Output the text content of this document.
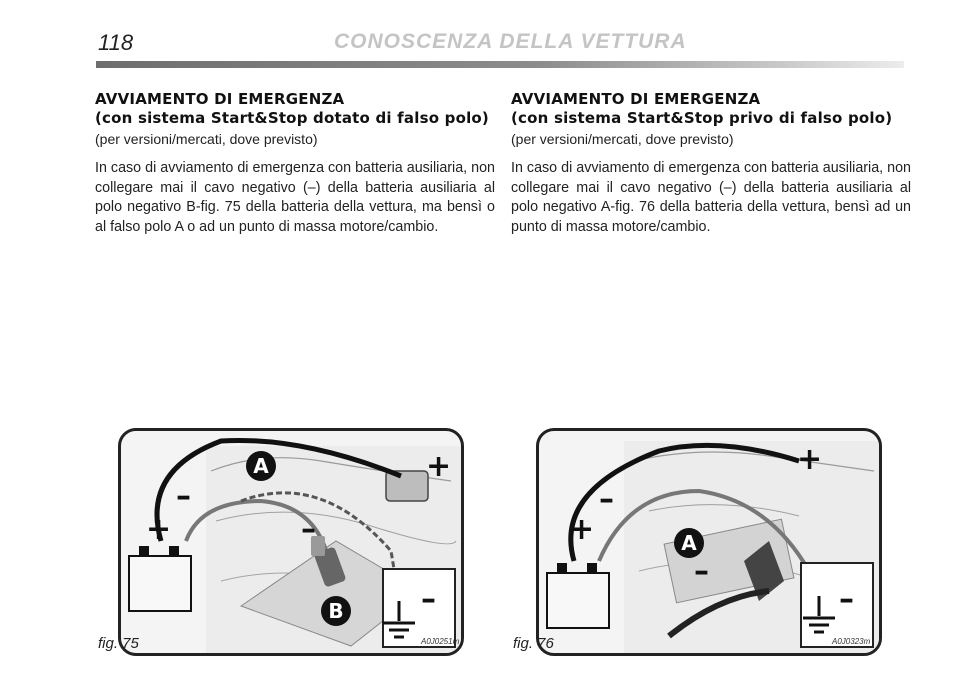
118	CONOSCENZA DELLA VETTURA
AVVIAMENTO DI EMERGENZA
(con sistema Start&Stop dotato di falso polo)
(per versioni/mercati, dove previsto)
In caso di avviamento di emergenza con batteria ausiliaria, non collegare mai il cavo negativo (–) della batteria ausiliaria al polo negativo B-fig. 75 della batteria della vettura, ma bensì o al falso polo A o ad un punto di massa motore/cambio.
AVVIAMENTO DI EMERGENZA
(con sistema Start&Stop privo di falso polo)
(per versioni/mercati, dove previsto)
In caso di avviamento di emergenza con batteria ausiliaria, non collegare mai il cavo negativo (–) della batteria ausiliaria al polo negativo A-fig. 76 della batteria della vettura, bensì ad un punto di massa motore/cambio.
A
B
+
–
–
+
–
fig. 75	A0J0251m
A
+
–
–
+
–
fig. 76	A0J0323m
